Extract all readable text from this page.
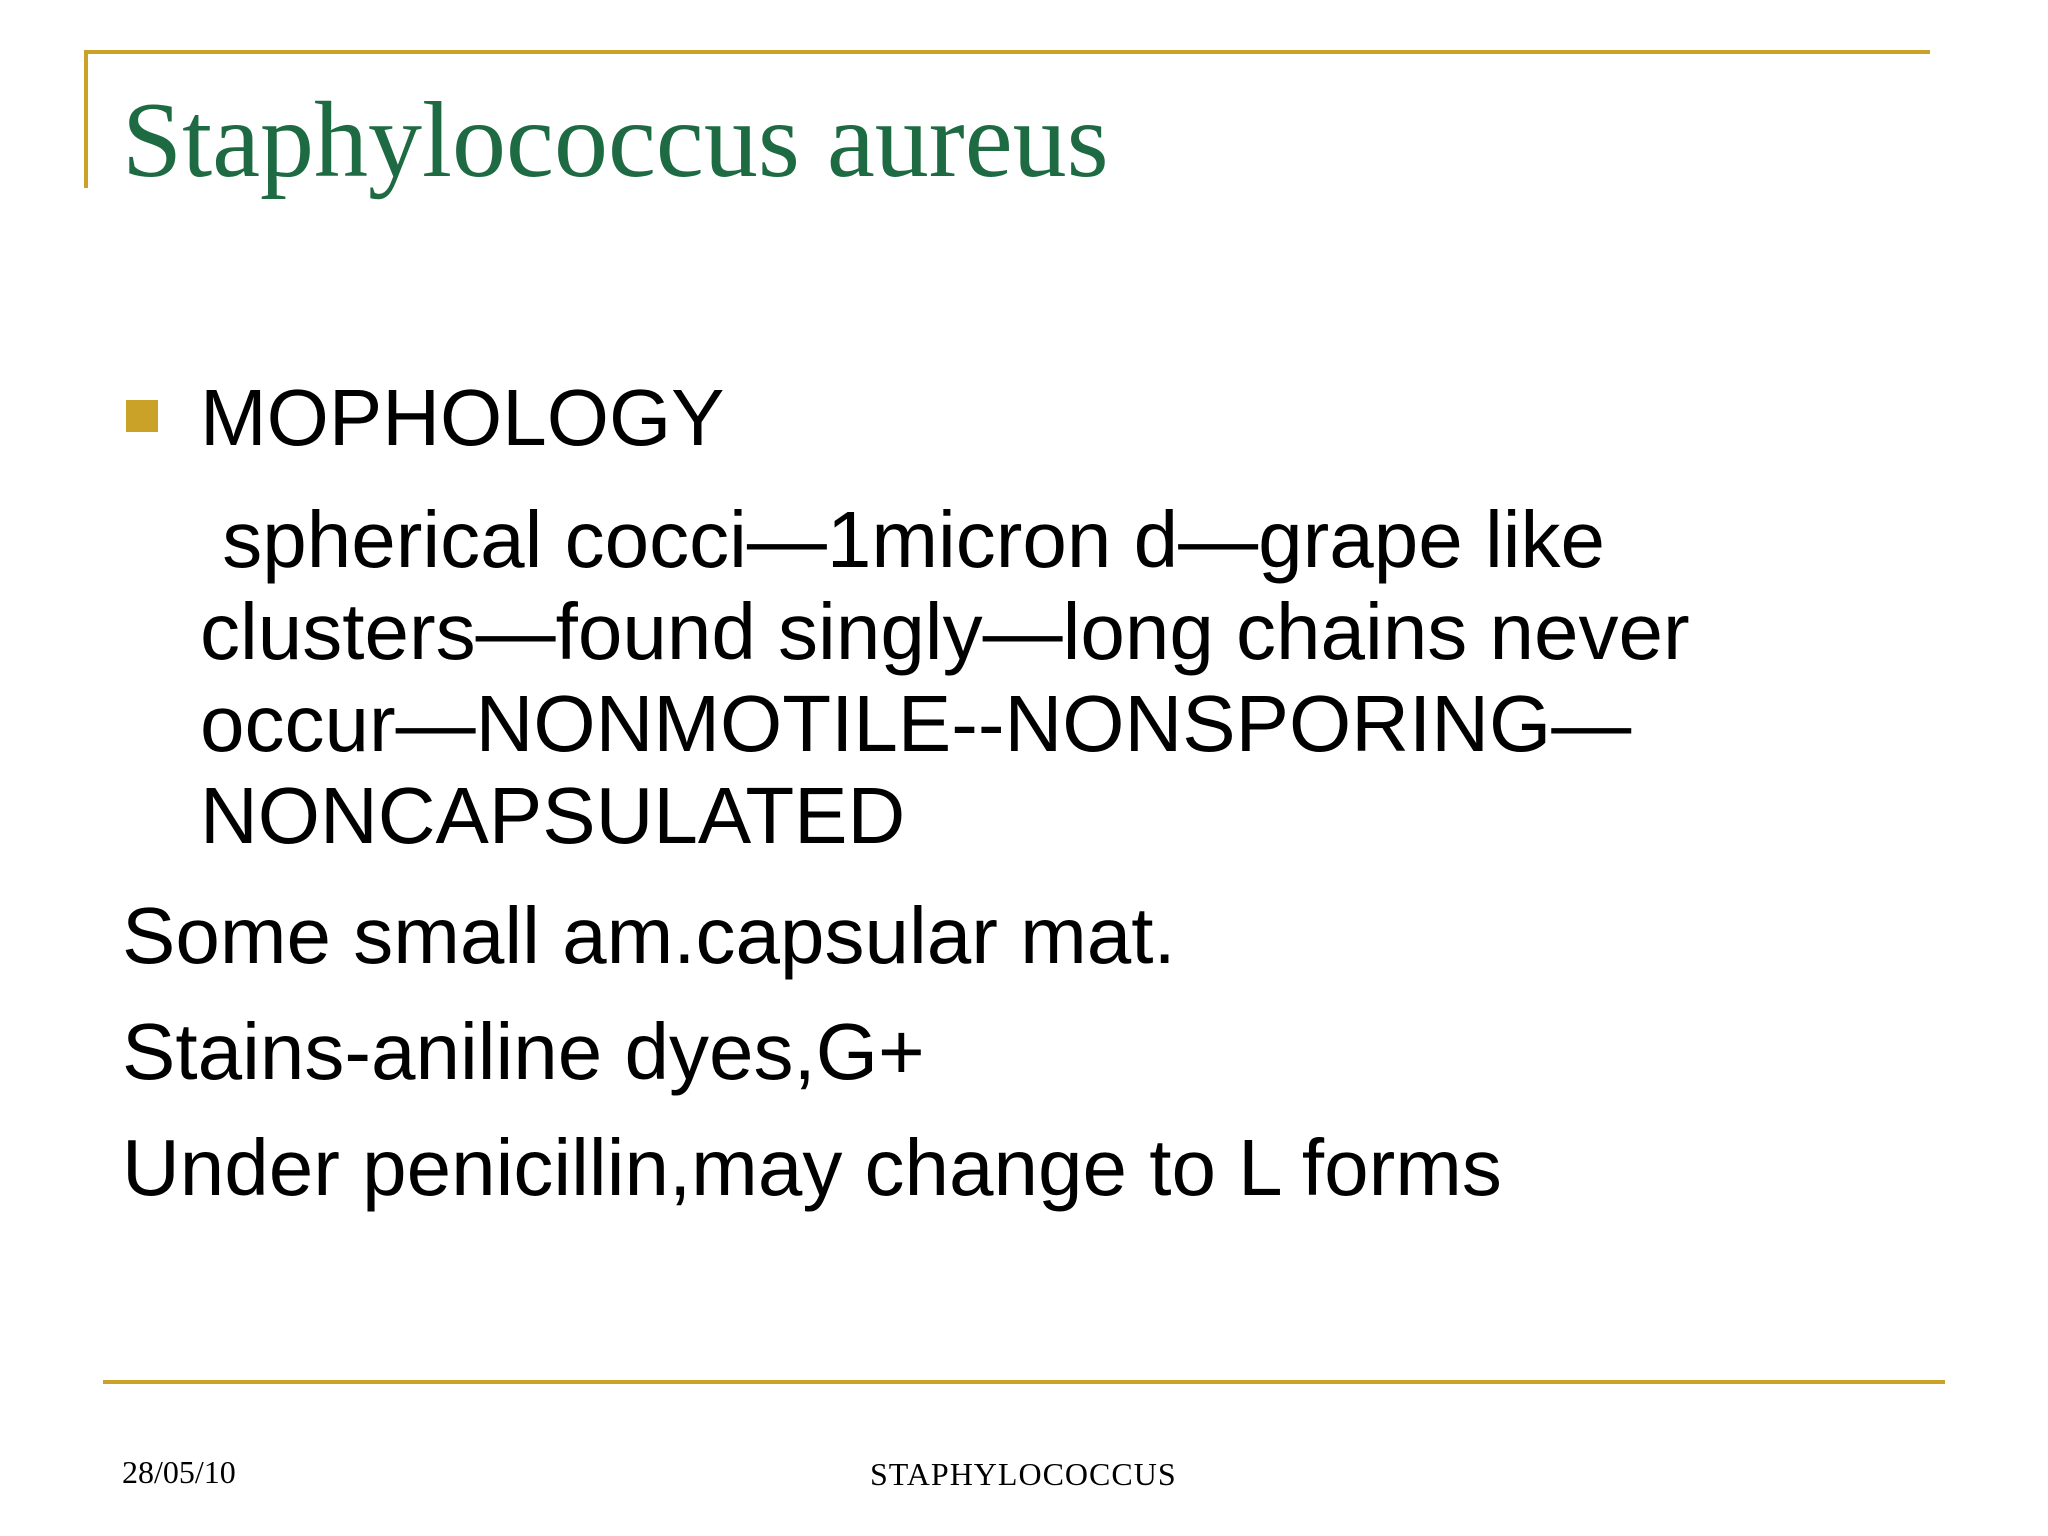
Staphylococcus aureus

MOPHOLOGY

spherical cocci—1micron d—grape like

clusters—found singly—long chains never

occur—NONMOTILE--NONSPORING—

NONCAPSULATED

Some small am.capsular mat.

Stains-aniline dyes,G+

Under penicillin,may change to L forms

28/05/10	STAPHYLOCOCCUS
